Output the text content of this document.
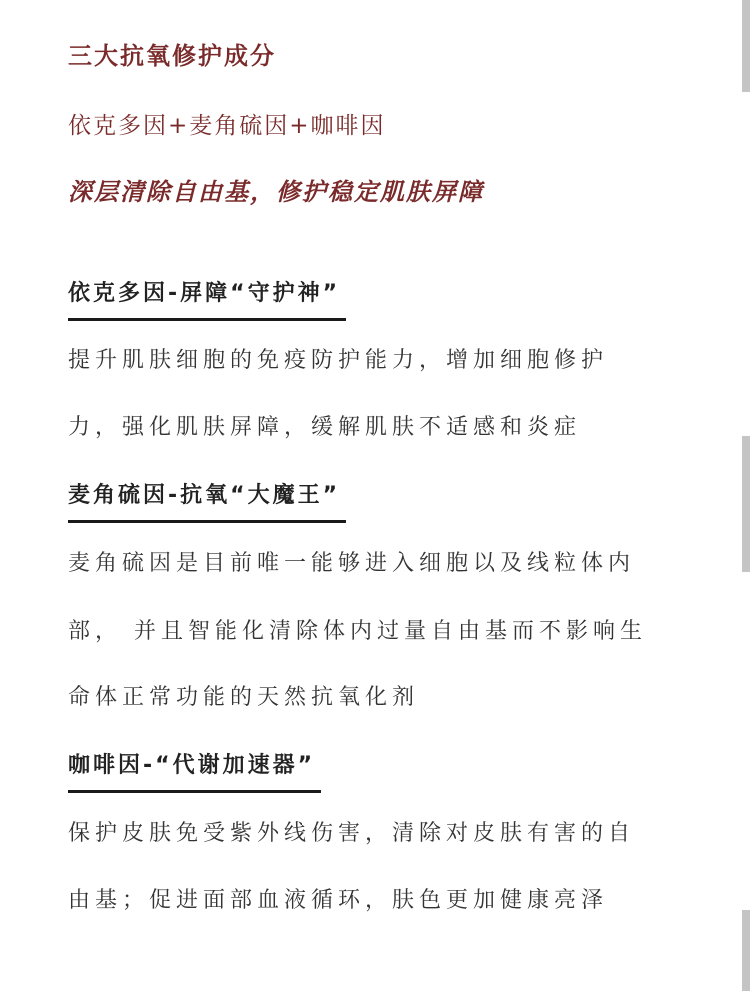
三大抗氧修护成分

依克多因+麦角硫因+咖啡因

深层清除自由基，修护稳定肌肤屏障

依克多因-屏障“守护神”

提升肌肤细胞的免疫防护能力，增加细胞修护

力，强化肌肤屏障，缓解肌肤不适感和炎症

麦角硫因-抗氧“大魔王”

麦角硫因是目前唯一能够进入细胞以及线粒体内

部， 并且智能化清除体内过量自由基而不影响生

命体正常功能的天然抗氧化剂

咖啡因-“代谢加速器”

保护皮肤免受紫外线伤害，清除对皮肤有害的自

由基；促进面部血液循环，肤色更加健康亮泽
